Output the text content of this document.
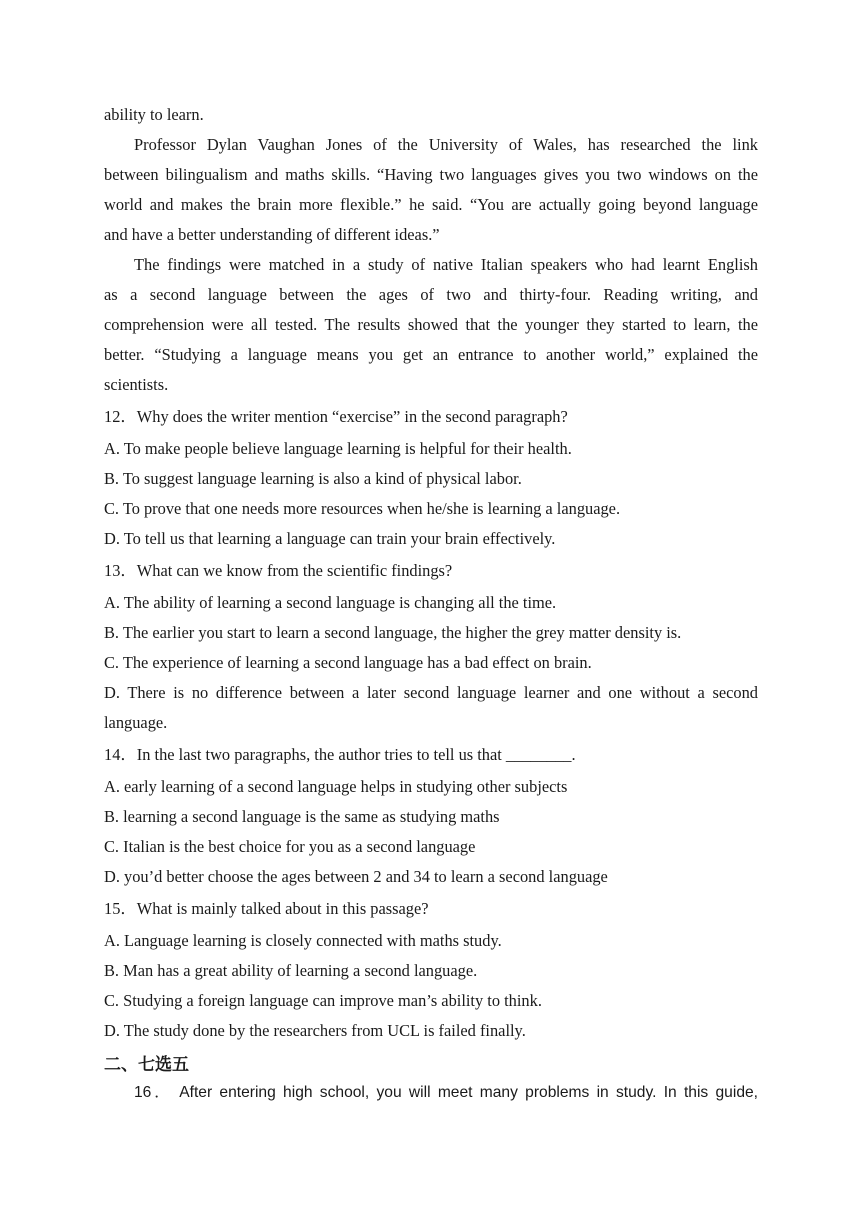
ability to learn.

Professor Dylan Vaughan Jones of the University of Wales, has researched the link

between bilingualism and maths skills. “Having two languages gives you two windows on the

world and makes the brain more flexible.” he said. “You are actually going beyond language

and have a better understanding of different ideas.”

The findings were matched in a study of native Italian speakers who had learnt English

as a second language between the ages of two and thirty-four. Reading writing, and

comprehension were all tested. The results showed that the younger they started to learn, the

better. “Studying a language means you get an entrance to another world,” explained the

scientists.

12．Why does the writer mention “exercise” in the second paragraph?

A. To make people believe language learning is helpful for their health.

B. To suggest language learning is also a kind of physical labor.

C. To prove that one needs more resources when he/she is learning a language.

D. To tell us that learning a language can train your brain effectively.

13．What can we know from the scientific findings?

A. The ability of learning a second language is changing all the time.

B. The earlier you start to learn a second language, the higher the grey matter density is.

C. The experience of learning a second language has a bad effect on brain.

D. There is no difference between a later second language learner and one without a second

language.

14．In the last two paragraphs, the author tries to tell us that ________.

A. early learning of a second language helps in studying other subjects

B. learning a second language is the same as studying maths

C. Italian is the best choice for you as a second language

D. you’d better choose the ages between 2 and 34 to learn a second language

15．What is mainly talked about in this passage?

A. Language learning is closely connected with maths study.

B. Man has a great ability of learning a second language.

C. Studying a foreign language can improve man’s ability to think.

D. The study done by the researchers from UCL is failed finally.

二、七选五

16． After entering high school, you will meet many problems in study. In this guide,
